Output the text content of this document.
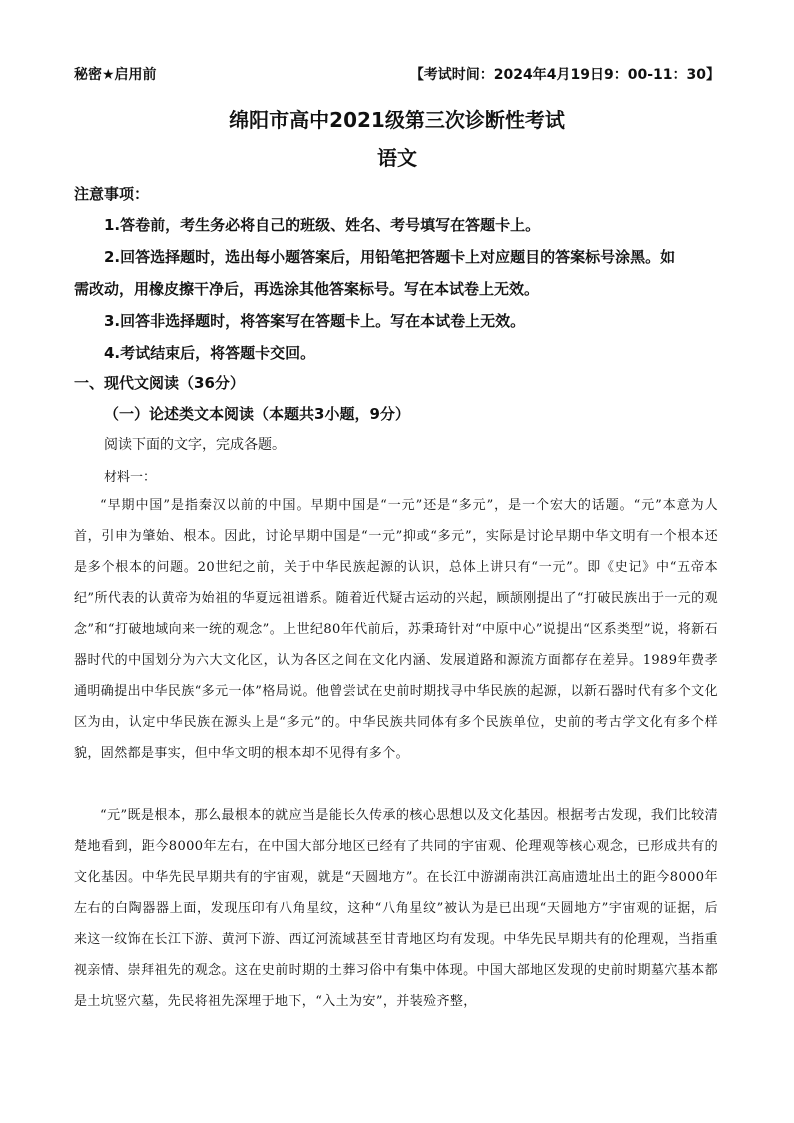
秘密★启用前	【考试时间：2024年4月19日9：00-11：30】
绵阳市高中2021级第三次诊断性考试
语文
注意事项：
1.答卷前，考生务必将自己的班级、姓名、考号填写在答题卡上。
2.回答选择题时，选出每小题答案后，用铅笔把答题卡上对应题目的答案标号涂黑。如
需改动，用橡皮擦干净后，再选涂其他答案标号。写在本试卷上无效。
3.回答非选择题时，将答案写在答题卡上。写在本试卷上无效。
4.考试结束后，将答题卡交回。
一、现代文阅读（36分）
（一）论述类文本阅读（本题共3小题，9分）
阅读下面的文字，完成各题。
材料一：
“早期中国”是指秦汉以前的中国。早期中国是“一元”还是“多元”，是一个宏大的话题。“元”本意为人首，引申为肇始、根本。因此，讨论早期中国是“一元”抑或“多元”，实际是讨论早期中华文明有一个根本还是多个根本的问题。20世纪之前，关于中华民族起源的认识，总体上讲只有“一元”。即《史记》中“五帝本纪”所代表的认黄帝为始祖的华夏远祖谱系。随着近代疑古运动的兴起，顾颉刚提出了“打破民族出于一元的观念”和“打破地域向来一统的观念”。上世纪80年代前后，苏秉琦针对“中原中心”说提出“区系类型”说，将新石器时代的中国划分为六大文化区，认为各区之间在文化内涵、发展道路和源流方面都存在差异。1989年费孝通明确提出中华民族“多元一体”格局说。他曾尝试在史前时期找寻中华民族的起源，以新石器时代有多个文化区为由，认定中华民族在源头上是“多元”的。中华民族共同体有多个民族单位，史前的考古学文化有多个样貌，固然都是事实，但中华文明的根本却不见得有多个。
“元”既是根本，那么最根本的就应当是能长久传承的核心思想以及文化基因。根据考古发现，我们比较清楚地看到，距今8000年左右，在中国大部分地区已经有了共同的宇宙观、伦理观等核心观念，已形成共有的文化基因。中华先民早期共有的宇宙观，就是“天圆地方”。在长江中游湖南洪江高庙遗址出土的距今8000年左右的白陶器器上面，发现压印有八角星纹，这种“八角星纹”被认为是已出现“天圆地方”宇宙观的证据，后来这一纹饰在长江下游、黄河下游、西辽河流域甚至甘青地区均有发现。中华先民早期共有的伦理观，当指重视亲情、崇拜祖先的观念。这在史前时期的土葬习俗中有集中体现。中国大部地区发现的史前时期墓穴基本都是土坑竖穴墓，先民将祖先深埋于地下，“入土为安”，并装殓齐整，
